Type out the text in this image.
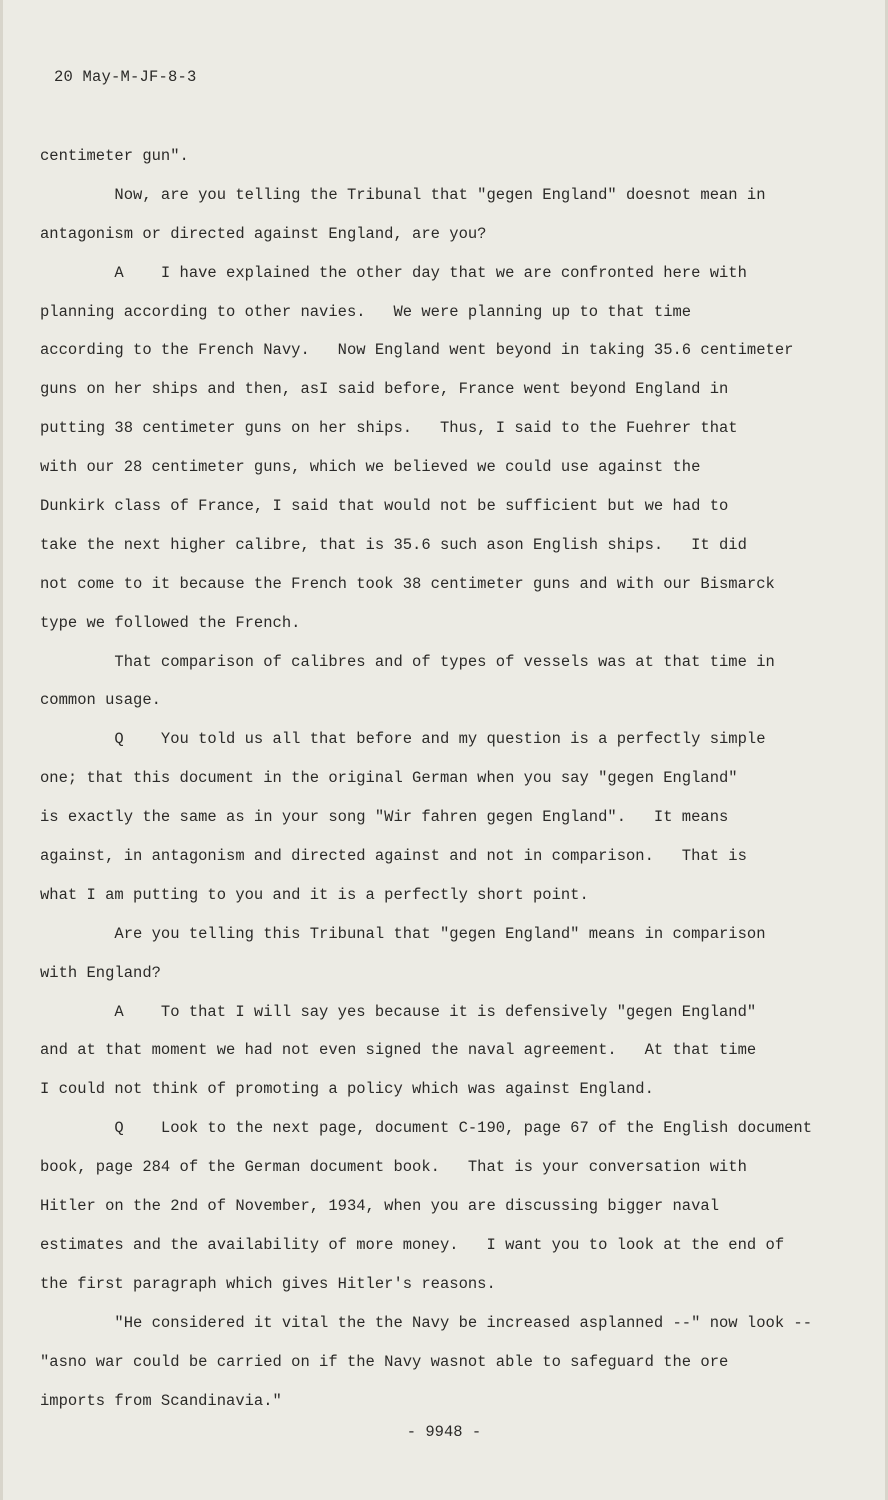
20 May-M-JF-8-3
centimeter gun".
Now, are you telling the Tribunal that "gegen England" doesnot mean in
antagonism or directed against England, are you?
A    I have explained the other day that we are confronted here with
planning according to other navies.   We were planning up to that time
according to the French Navy.   Now England went beyond in taking 35.6 centimeter
guns on her ships and then, asI said before, France went beyond England in
putting 38 centimeter guns on her ships.   Thus, I said to the Fuehrer that
with our 28 centimeter guns, which we believed we could use against the
Dunkirk class of France, I said that would not be sufficient but we had to
take the next higher calibre, that is 35.6 such ason English ships.   It did
not come to it because the French took 38 centimeter guns and with our Bismarck
type we followed the French.
That comparison of calibres and of types of vessels was at that time in
common usage.
Q    You told us all that before and my question is a perfectly simple
one; that this document in the original German when you say "gegen England"
is exactly the same as in your song "Wir fahren gegen England".   It means
against, in antagonism and directed against and not in comparison.   That is
what I am putting to you and it is a perfectly short point.
Are you telling this Tribunal that "gegen England" means in comparison
with England?
A    To that I will say yes because it is defensively "gegen England"
and at that moment we had not even signed the naval agreement.   At that time
I could not think of promoting a policy which was against England.
Q    Look to the next page, document C-190, page 67 of the English document
book, page 284 of the German document book.   That is your conversation with
Hitler on the 2nd of November, 1934, when you are discussing bigger naval
estimates and the availability of more money.   I want you to look at the end of
the first paragraph which gives Hitler's reasons.
"He considered it vital the the Navy be increased asplanned --" now look --
"asno war could be carried on if the Navy wasnot able to safeguard the ore
imports from Scandinavia."
- 9948 -
